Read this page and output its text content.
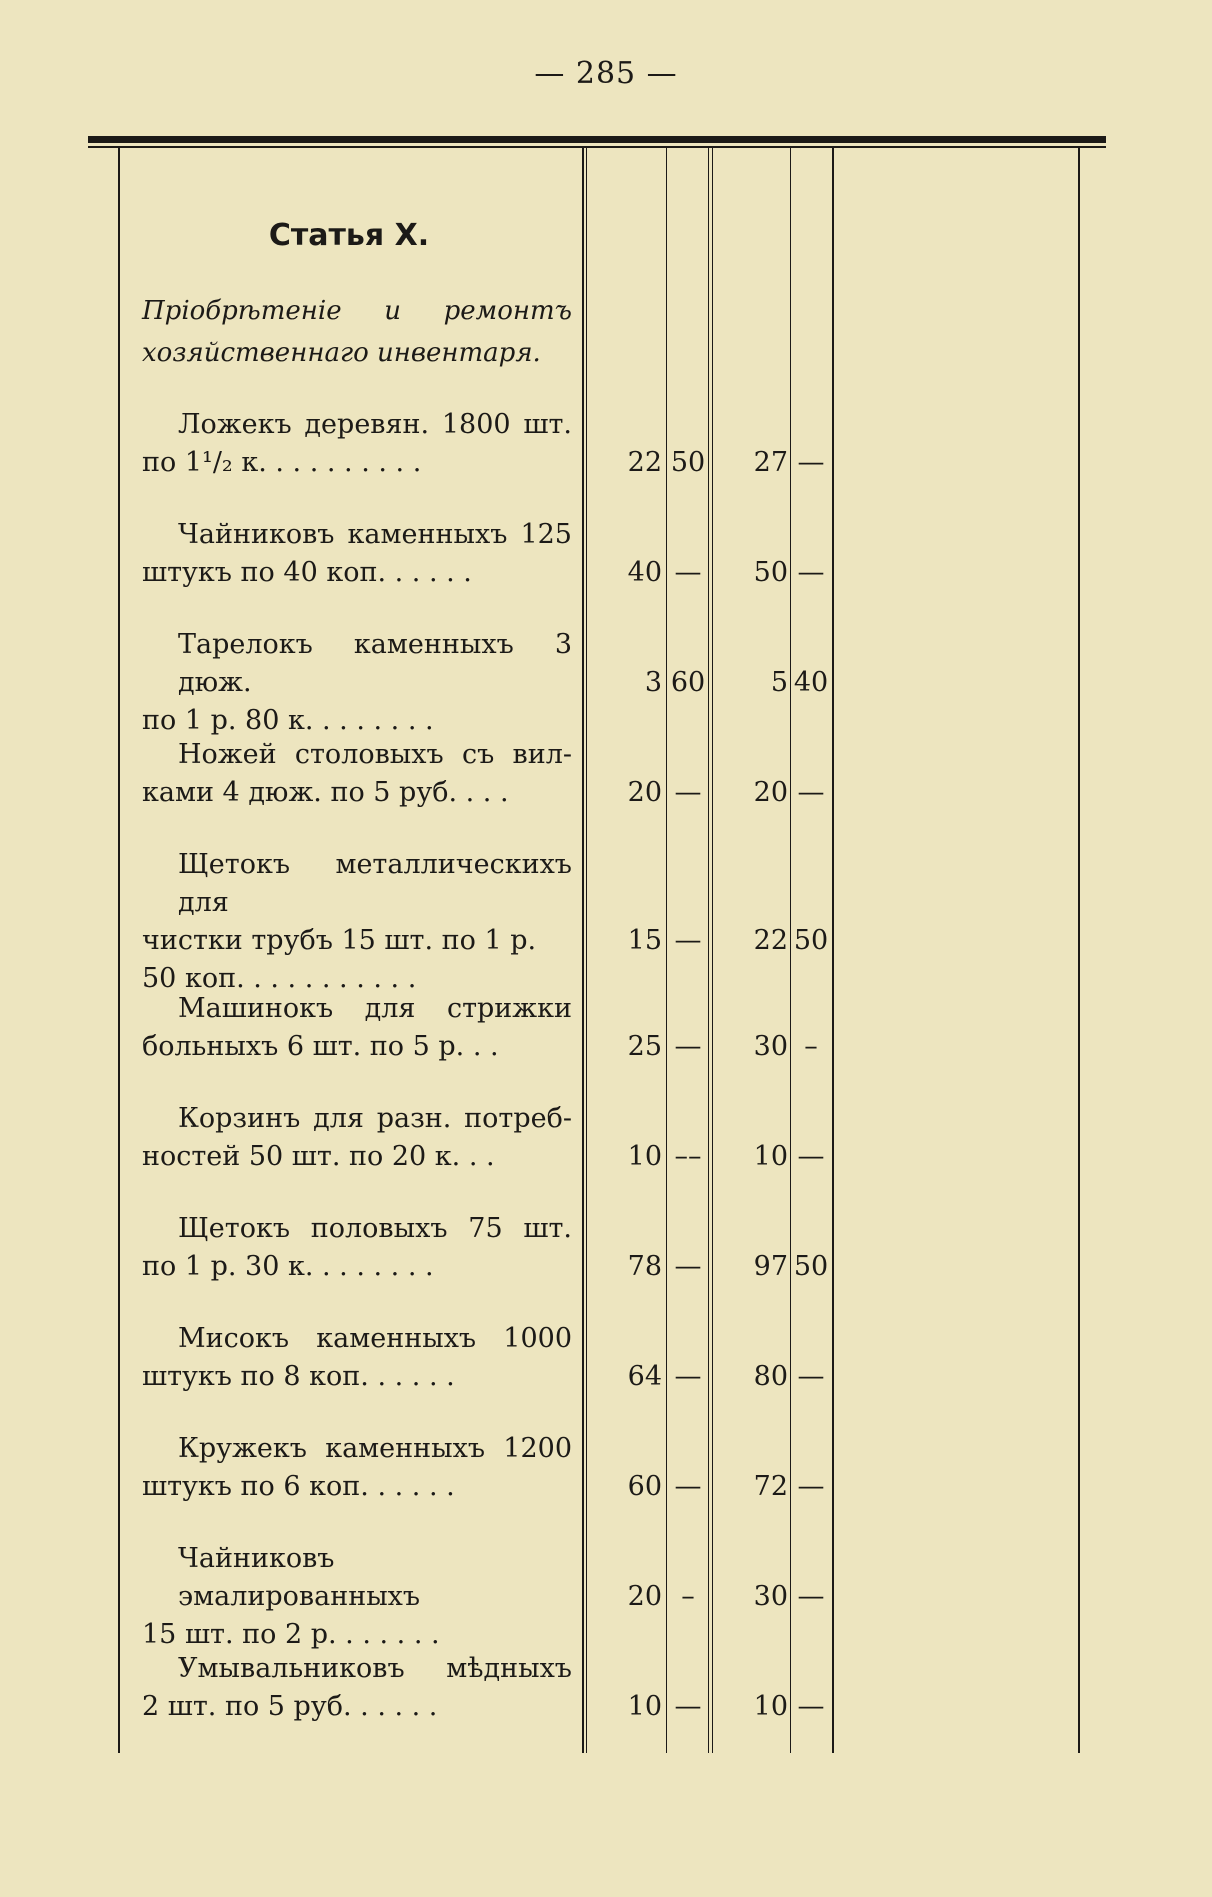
— 285 —
Статья X.
Пріобрѣтеніе и ремонтъ хозяйственнаго инвентаря.
Ложекъ деревян. 1800 шт.
по 1¹/₂ к. . . . . . . . . .	22 50	27 —
Чайниковъ каменныхъ 125
штукъ по 40 коп. . . . . .	40 —	50 —
Тарелокъ каменныхъ 3 дюж.
по 1 р. 80 к. . . . . . . .
3 60	5 40
Ножей столовыхъ съ вил-
ками 4 дюж. по 5 руб. . . .	20 —	20 —
Щетокъ металлическихъ для
чистки трубъ 15 шт. по 1 р.
50 коп. . . . . . . . . . .
15 —	22 50
Машинокъ для стрижки
больныхъ 6 шт. по 5 р. . .	25 —	30 –
Корзинъ для разн. потреб-
ностей 50 шт. по 20 к. . .	10 ––	10 —
Щетокъ половыхъ 75 шт.
по 1 р. 30 к. . . . . . . .	78 —	97 50
Мисокъ каменныхъ 1000
штукъ по 8 коп. . . . . .	64 —	80 —
Кружекъ каменныхъ 1200
штукъ по 6 коп. . . . . .	60 —	72 —
Чайниковъ эмалированныхъ
15 шт. по 2 р. . . . . . .
20 –	30 —
Умывальниковъ мѣдныхъ
2 шт. по 5 руб. . . . . .	10 —	10 —
